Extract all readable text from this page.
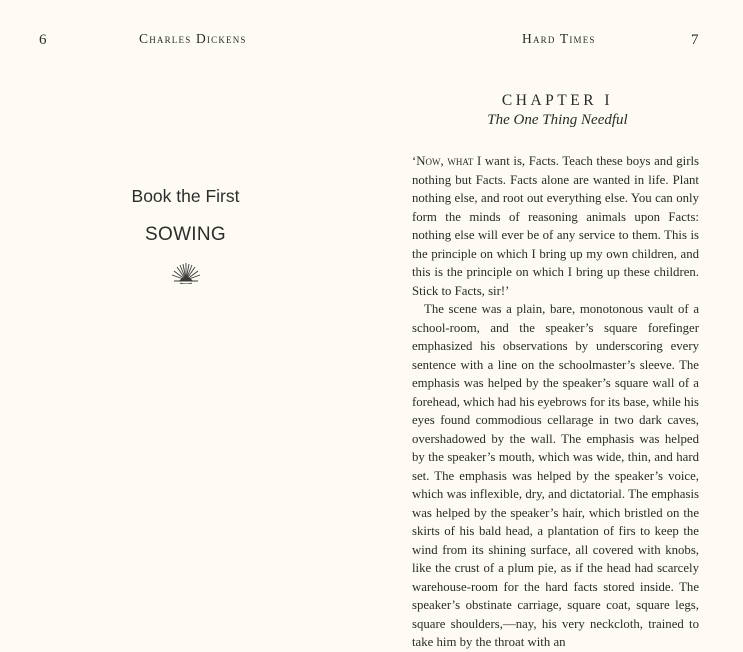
6	Charles Dickens
Book the First
SOWING
Hard Times	7
CHAPTER I
The One Thing Needful

‘Now, what I want is, Facts. Teach these boys and girls nothing but Facts. Facts alone are wanted in life. Plant nothing else, and root out everything else. You can only form the minds of reasoning animals upon Facts: nothing else will ever be of any service to them. This is the principle on which I bring up my own children, and this is the principle on which I bring up these children. Stick to Facts, sir!’

The scene was a plain, bare, monotonous vault of a school-room, and the speaker’s square forefinger emphasized his observations by underscoring every sentence with a line on the schoolmaster’s sleeve. The emphasis was helped by the speaker’s square wall of a forehead, which had his eyebrows for its base, while his eyes found commodious cellarage in two dark caves, overshadowed by the wall. The emphasis was helped by the speaker’s mouth, which was wide, thin, and hard set. The emphasis was helped by the speaker’s voice, which was inflexible, dry, and dictatorial. The emphasis was helped by the speaker’s hair, which bristled on the skirts of his bald head, a plantation of firs to keep the wind from its shining surface, all covered with knobs, like the crust of a plum pie, as if the head had scarcely warehouse-room for the hard facts stored inside. The speaker’s obstinate carriage, square coat, square legs, square shoulders,—nay, his very neckcloth, trained to take him by the throat with an
